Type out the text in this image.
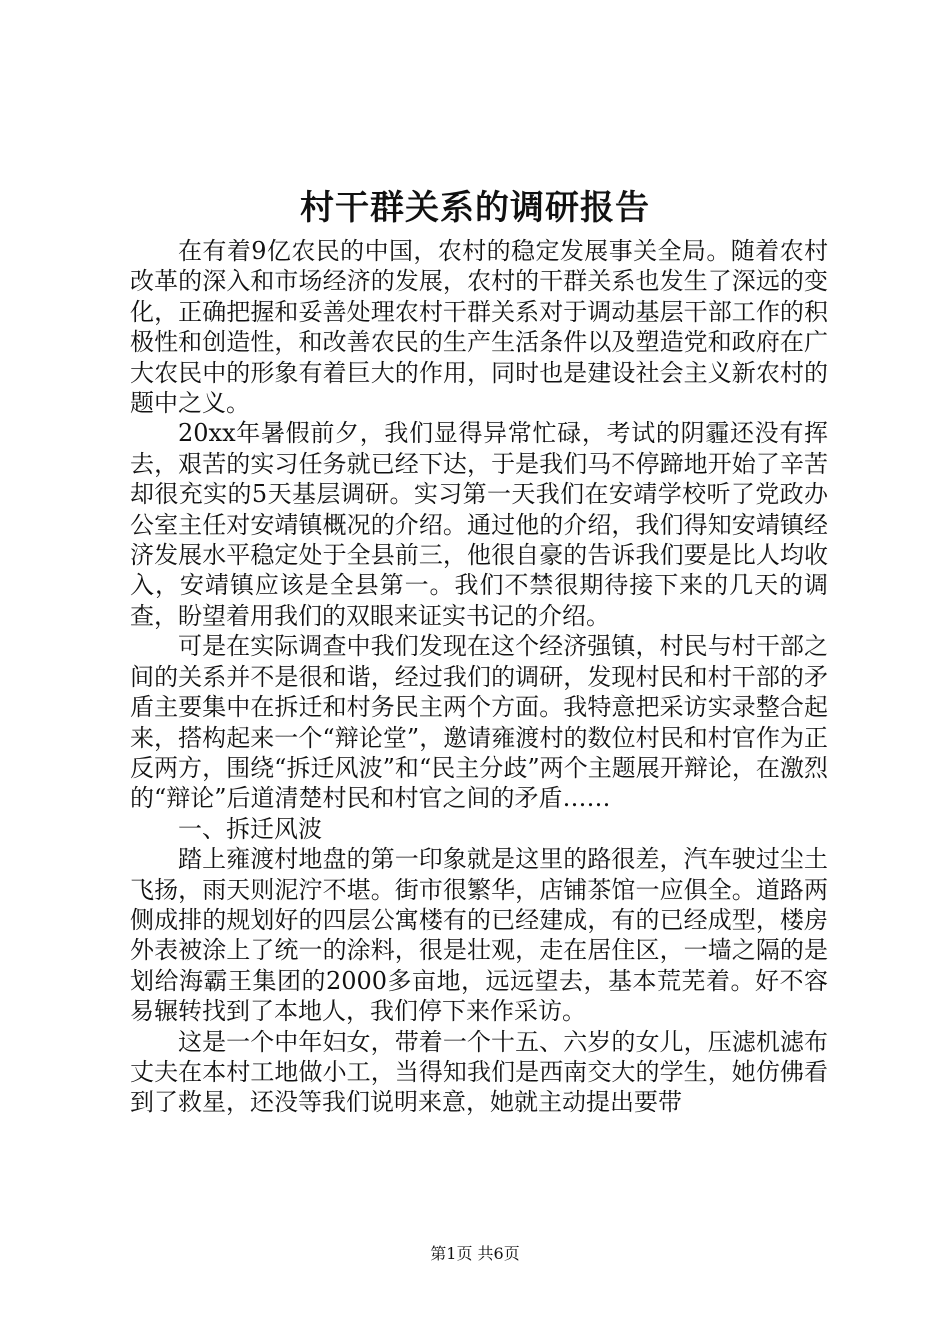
村干群关系的调研报告

在有着9亿农民的中国，农村的稳定发展事关全局。随着农村改革的深入和市场经济的发展，农村的干群关系也发生了深远的变化，正确把握和妥善处理农村干群关系对于调动基层干部工作的积极性和创造性，和改善农民的生产生活条件以及塑造党和政府在广大农民中的形象有着巨大的作用，同时也是建设社会主义新农村的题中之义。

20xx年暑假前夕，我们显得异常忙碌，考试的阴霾还没有挥去，艰苦的实习任务就已经下达，于是我们马不停蹄地开始了辛苦却很充实的5天基层调研。实习第一天我们在安靖学校听了党政办公室主任对安靖镇概况的介绍。通过他的介绍，我们得知安靖镇经济发展水平稳定处于全县前三，他很自豪的告诉我们要是比人均收入，安靖镇应该是全县第一。我们不禁很期待接下来的几天的调查，盼望着用我们的双眼来证实书记的介绍。

可是在实际调查中我们发现在这个经济强镇，村民与村干部之间的关系并不是很和谐，经过我们的调研，发现村民和村干部的矛盾主要集中在拆迁和村务民主两个方面。我特意把采访实录整合起来，搭构起来一个“辩论堂”，邀请雍渡村的数位村民和村官作为正反两方，围绕“拆迁风波”和“民主分歧”两个主题展开辩论，在激烈的“辩论”后道清楚村民和村官之间的矛盾……

一、拆迁风波

踏上雍渡村地盘的第一印象就是这里的路很差，汽车驶过尘土飞扬，雨天则泥泞不堪。街市很繁华，店铺茶馆一应俱全。道路两侧成排的规划好的四层公寓楼有的已经建成，有的已经成型，楼房外表被涂上了统一的涂料，很是壮观，走在居住区，一墙之隔的是划给海霸王集团的2000多亩地，远远望去，基本荒芜着。好不容易辗转找到了本地人，我们停下来作采访。

这是一个中年妇女，带着一个十五、六岁的女儿，压滤机滤布丈夫在本村工地做小工，当得知我们是西南交大的学生，她仿佛看到了救星，还没等我们说明来意，她就主动提出要带

第1页 共6页
